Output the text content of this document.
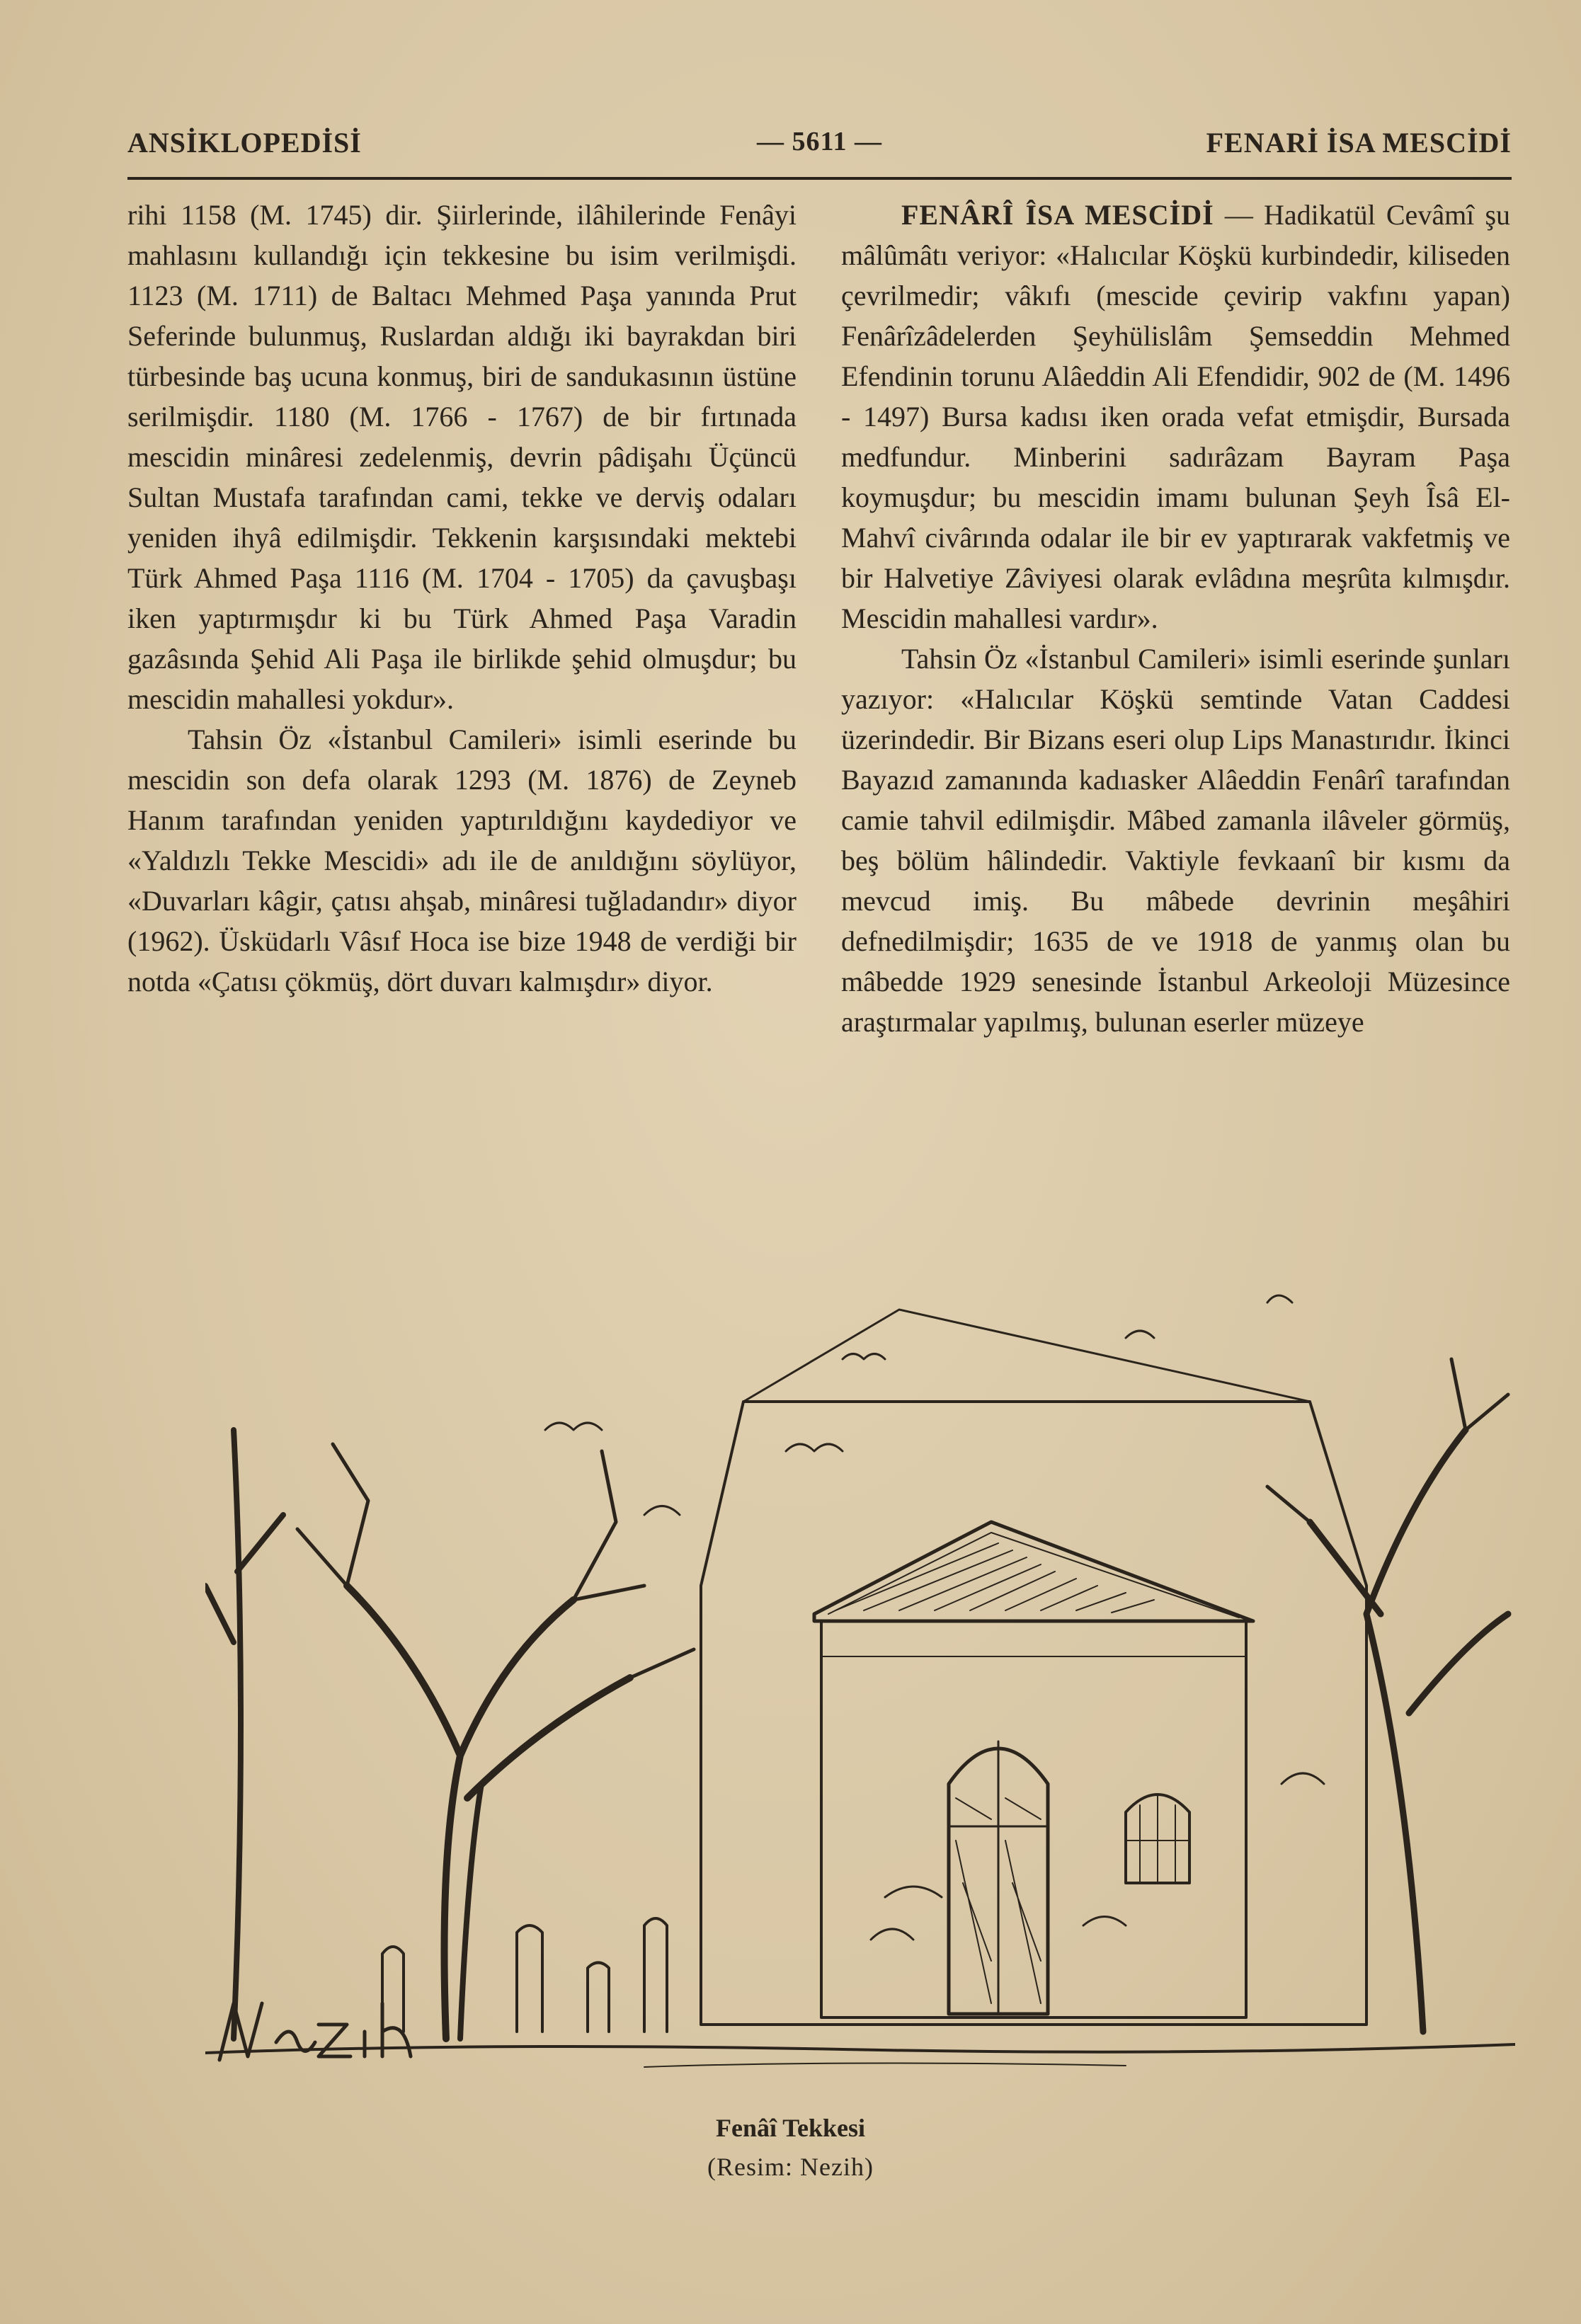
ANSİKLOPEDİSİ	— 5611 —	FENARİ İSA MESCİDİ

rihi 1158 (M. 1745) dir. Şiirlerinde, ilâhilerinde Fenâyi mahlasını kullandığı için tekkesine bu isim verilmişdi. 1123 (M. 1711) de Baltacı Mehmed Paşa yanında Prut Seferinde bulunmuş, Ruslardan aldığı iki bayrakdan biri türbesinde baş ucuna konmuş, biri de sandukasının üstüne serilmişdir. 1180 (M. 1766 - 1767) de bir fırtınada mescidin minâresi zedelenmiş, devrin pâdişahı Üçüncü Sultan Mustafa tarafından cami, tekke ve derviş odaları yeniden ihyâ edilmişdir. Tekkenin karşısındaki mektebi Türk Ahmed Paşa 1116 (M. 1704 - 1705) da çavuşbaşı iken yaptırmışdır ki bu Türk Ahmed Paşa Varadin gazâsında Şehid Ali Paşa ile birlikde şehid olmuşdur; bu mescidin mahallesi yokdur».

Tahsin Öz «İstanbul Camileri» isimli eserinde bu mescidin son defa olarak 1293 (M. 1876) de Zeyneb Hanım tarafından yeniden yaptırıldığını kaydediyor ve «Yaldızlı Tekke Mescidi» adı ile de anıldığını söylüyor, «Duvarları kâgir, çatısı ahşab, minâresi tuğladandır» diyor (1962). Üsküdarlı Vâsıf Hoca ise bize 1948 de verdiği bir notda «Çatısı çökmüş, dört duvarı kalmışdır» diyor.

FENÂRÎ ÎSA MESCİDİ — Hadikatül Cevâmî şu mâlûmâtı veriyor: «Halıcılar Köşkü kurbindedir, kiliseden çevrilmedir; vâkıfı (mescide çevirip vakfını yapan) Fenârîzâdelerden Şeyhülislâm Şemseddin Mehmed Efendinin torunu Alâeddin Ali Efendidir, 902 de (M. 1496 - 1497) Bursa kadısı iken orada vefat etmişdir, Bursada medfundur. Minberini sadırâzam Bayram Paşa koymuşdur; bu mescidin imamı bulunan Şeyh Îsâ El-Mahvî civârında odalar ile bir ev yaptırarak vakfetmiş ve bir Halvetiye Zâviyesi olarak evlâdına meşrûta kılmışdır. Mescidin mahallesi vardır».

Tahsin Öz «İstanbul Camileri» isimli eserinde şunları yazıyor: «Halıcılar Köşkü semtinde Vatan Caddesi üzerindedir. Bir Bizans eseri olup Lips Manastırıdır. İkinci Bayazıd zamanında kadıasker Alâeddin Fenârî tarafından camie tahvil edilmişdir. Mâbed zamanla ilâveler görmüş, beş bölüm hâlindedir. Vaktiyle fevkaanî bir kısmı da mevcud imiş. Bu mâbede devrinin meşâhiri defnedilmişdir; 1635 de ve 1918 de yanmış olan bu mâbedde 1929 senesinde İstanbul Arkeoloji Müzesince araştırmalar yapılmış, bulunan eserler müzeye

Fenâî Tekkesi
(Resim: Nezih)
